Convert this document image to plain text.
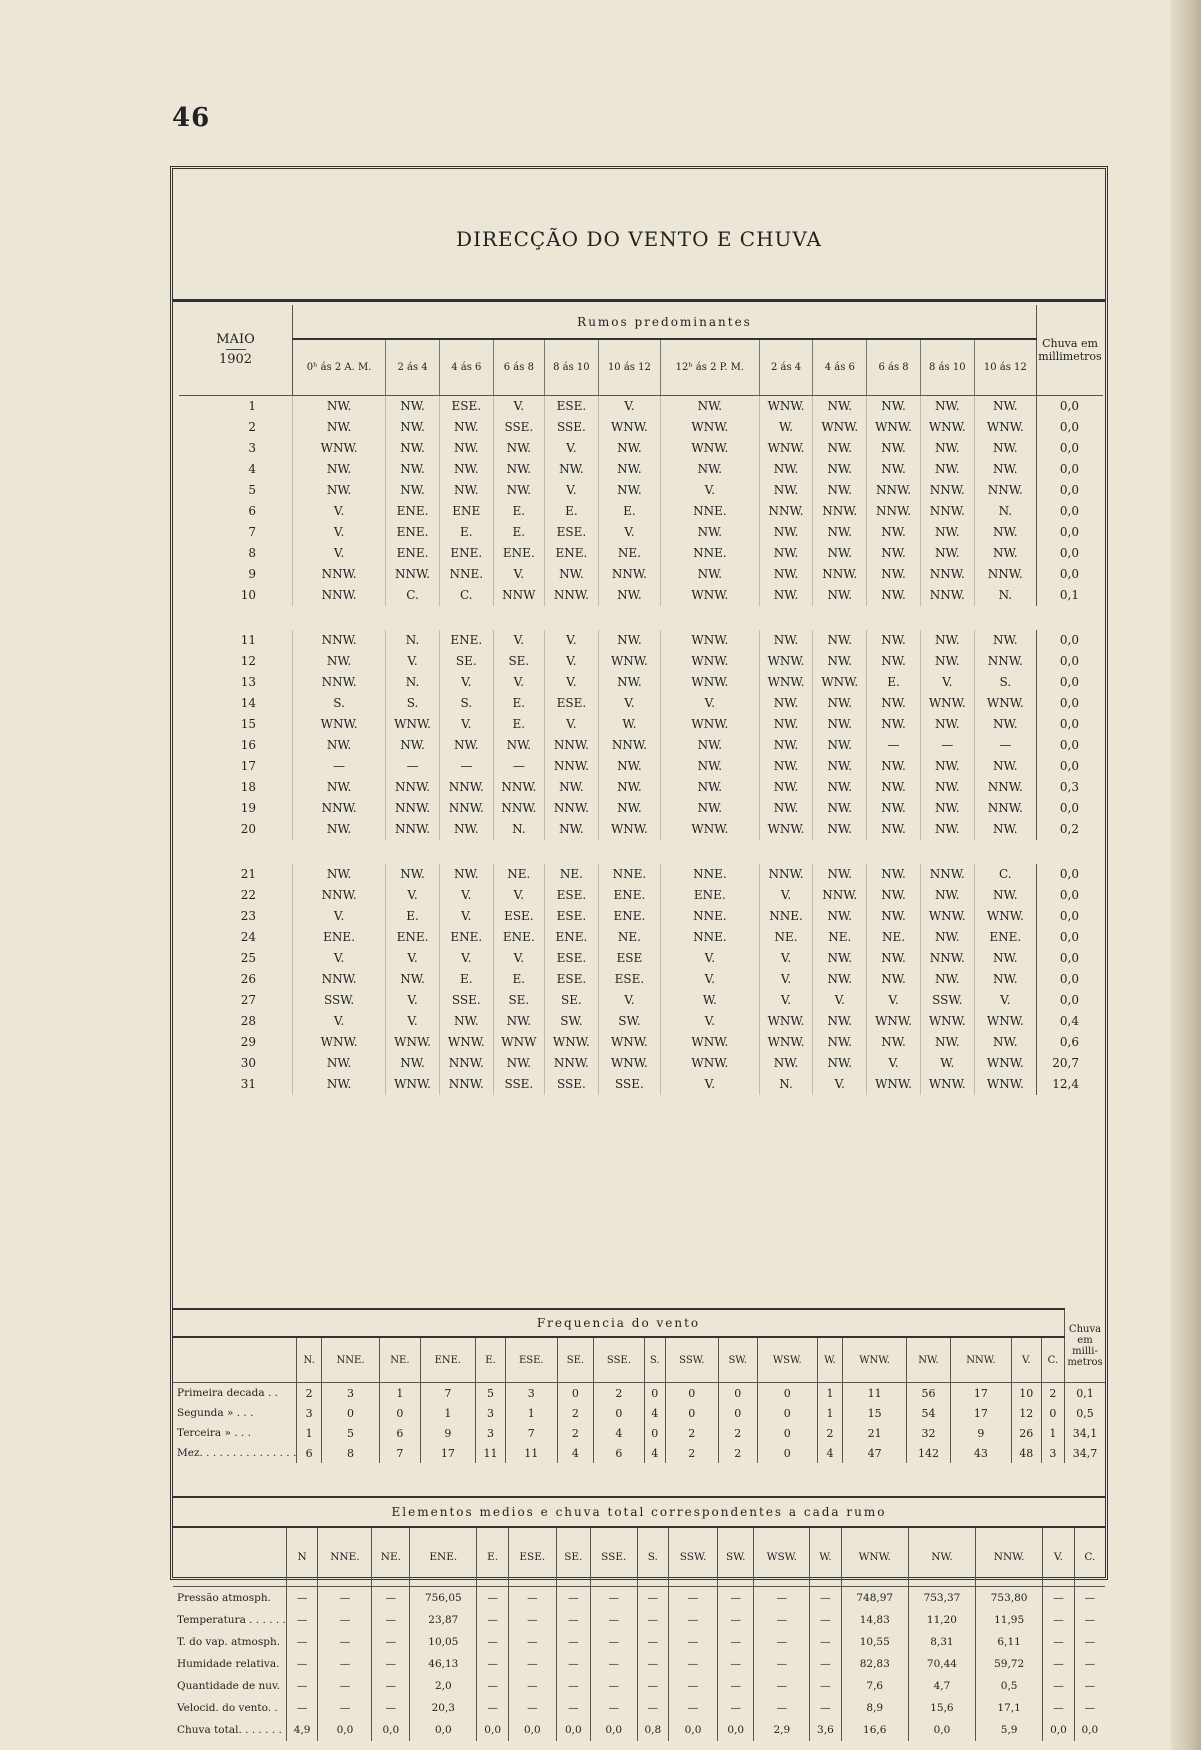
46
DIRECÇÃO DO VENTO E CHUVA
MAIO
1902	Rumos predominantes												Chuva em millimetros
	0ʰ ás 2 A. M.	2 ás 4	4 ás 6	6 ás 8	8 ás 10	10 ás 12	12ʰ ás 2 P. M.	2 ás 4	4 ás 6	6 ás 8	8 ás 10	10 ás 12	
1	NW.	NW.	ESE.	V.	ESE.	V.	NW.	WNW.	NW.	NW.	NW.	NW.	0,0
2	NW.	NW.	NW.	SSE.	SSE.	WNW.	WNW.	W.	WNW.	WNW.	WNW.	WNW.	0,0
3	WNW.	NW.	NW.	NW.	V.	NW.	WNW.	WNW.	NW.	NW.	NW.	NW.	0,0
4	NW.	NW.	NW.	NW.	NW.	NW.	NW.	NW.	NW.	NW.	NW.	NW.	0,0
5	NW.	NW.	NW.	NW.	V.	NW.	V.	NW.	NW.	NNW.	NNW.	NNW.	0,0
6	V.	ENE.	ENE	E.	E.	E.	NNE.	NNW.	NNW.	NNW.	NNW.	N.	0,0
7	V.	ENE.	E.	E.	ESE.	V.	NW.	NW.	NW.	NW.	NW.	NW.	0,0
8	V.	ENE.	ENE.	ENE.	ENE.	NE.	NNE.	NW.	NW.	NW.	NW.	NW.	0,0
9	NNW.	NNW.	NNE.	V.	NW.	NNW.	NW.	NW.	NNW.	NW.	NNW.	NNW.	0,0
10	NNW.	C.	C.	NNW	NNW.	NW.	WNW.	NW.	NW.	NW.	NNW.	N.	0,1

11	NNW.	N.	ENE.	V.	V.	NW.	WNW.	NW.	NW.	NW.	NW.	NW.	0,0
12	NW.	V.	SE.	SE.	V.	WNW.	WNW.	WNW.	NW.	NW.	NW.	NNW.	0,0
13	NNW.	N.	V.	V.	V.	NW.	WNW.	WNW.	WNW.	E.	V.	S.	0,0
14	S.	S.	S.	E.	ESE.	V.	V.	NW.	NW.	NW.	WNW.	WNW.	0,0
15	WNW.	WNW.	V.	E.	V.	W.	WNW.	NW.	NW.	NW.	NW.	NW.	0,0
16	NW.	NW.	NW.	NW.	NNW.	NNW.	NW.	NW.	NW.	—	—	—	0,0
17	—	—	—	—	NNW.	NW.	NW.	NW.	NW.	NW.	NW.	NW.	0,0
18	NW.	NNW.	NNW.	NNW.	NW.	NW.	NW.	NW.	NW.	NW.	NW.	NNW.	0,3
19	NNW.	NNW.	NNW.	NNW.	NNW.	NW.	NW.	NW.	NW.	NW.	NW.	NNW.	0,0
20	NW.	NNW.	NW.	N.	NW.	WNW.	WNW.	WNW.	NW.	NW.	NW.	NW.	0,2

21	NW.	NW.	NW.	NE.	NE.	NNE.	NNE.	NNW.	NW.	NW.	NNW.	C.	0,0
22	NNW.	V.	V.	V.	ESE.	ENE.	ENE.	V.	NNW.	NW.	NW.	NW.	0,0
23	V.	E.	V.	ESE.	ESE.	ENE.	NNE.	NNE.	NW.	NW.	WNW.	WNW.	0,0
24	ENE.	ENE.	ENE.	ENE.	ENE.	NE.	NNE.	NE.	NE.	NE.	NW.	ENE.	0,0
25	V.	V.	V.	V.	ESE.	ESE	V.	V.	NW.	NW.	NNW.	NW.	0,0
26	NNW.	NW.	E.	E.	ESE.	ESE.	V.	V.	NW.	NW.	NW.	NW.	0,0
27	SSW.	V.	SSE.	SE.	SE.	V.	W.	V.	V.	V.	SSW.	V.	0,0
28	V.	V.	NW.	NW.	SW.	SW.	V.	WNW.	NW.	WNW.	WNW.	WNW.	0,4
29	WNW.	WNW.	WNW.	WNW	WNW.	WNW.	WNW.	WNW.	NW.	NW.	NW.	NW.	0,6
30	NW.	NW.	NNW.	NW.	NNW.	WNW.	WNW.	NW.	NW.	V.	W.	WNW.	20,7
31	NW.	WNW.	NNW.	SSE.	SSE.	SSE.	V.	N.	V.	WNW.	WNW.	WNW.	12,4
Frequencia do vento																			Chuva em milli- metros
	N.	NNE.	NE.	ENE.	E.	ESE.	SE.	SSE.	S.	SSW.	SW.	WSW.	W.	WNW.	NW.	NNW.	V.	C.	
Primeira decada . .	2	3	1	7	5	3	0	2	0	0	0	0	1	11	56	17	10	2	0,1
Segunda » . . .	3	0	0	1	3	1	2	0	4	0	0	0	1	15	54	17	12	0	0,5
Terceira » . . .	1	5	6	9	3	7	2	4	0	2	2	0	2	21	32	9	26	1	34,1
Mez. . . . . . . . . . . . . . .	6	8	7	17	11	11	4	6	4	2	2	0	4	47	142	43	48	3	34,7
Elementos medios e chuva total correspondentes a cada rumo																		
	N	NNE.	NE.	ENE.	E.	ESE.	SE.	SSE.	S.	SSW.	SW.	WSW.	W.	WNW.	NW.	NNW.	V.	C.
Pressão atmosph.	—	—	—	756,05	—	—	—	—	—	—	—	—	—	748,97	753,37	753,80	—	—
Temperatura . . . . . .	—	—	—	23,87	—	—	—	—	—	—	—	—	—	14,83	11,20	11,95	—	—
T. do vap. atmosph.	—	—	—	10,05	—	—	—	—	—	—	—	—	—	10,55	8,31	6,11	—	—
Humidade relativa.	—	—	—	46,13	—	—	—	—	—	—	—	—	—	82,83	70,44	59,72	—	—
Quantidade de nuv.	—	—	—	2,0	—	—	—	—	—	—	—	—	—	7,6	4,7	0,5	—	—
Velocid. do vento. .	—	—	—	20,3	—	—	—	—	—	—	—	—	—	8,9	15,6	17,1	—	—
Chuva total. . . . . . .	4,9	0,0	0,0	0,0	0,0	0,0	0,0	0,0	0,8	0,0	0,0	2,9	3,6	16,6	0,0	5,9	0,0	0,0
